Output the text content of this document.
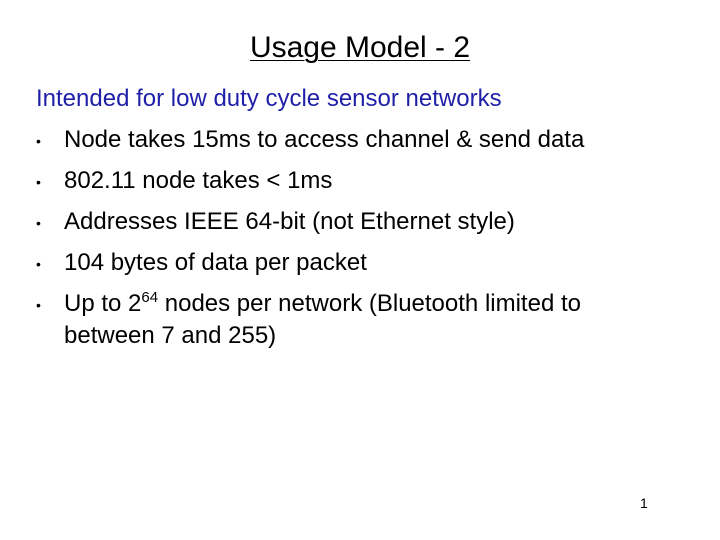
Usage Model - 2
Intended for low duty cycle sensor networks
• Node takes 15ms to access channel & send data
• 802.11 node takes < 1ms
• Addresses IEEE 64-bit (not Ethernet style)
• 104 bytes of data per packet
• Up to $2^{64}$ nodes per network (Bluetooth limited to
between 7 and 255)
1
